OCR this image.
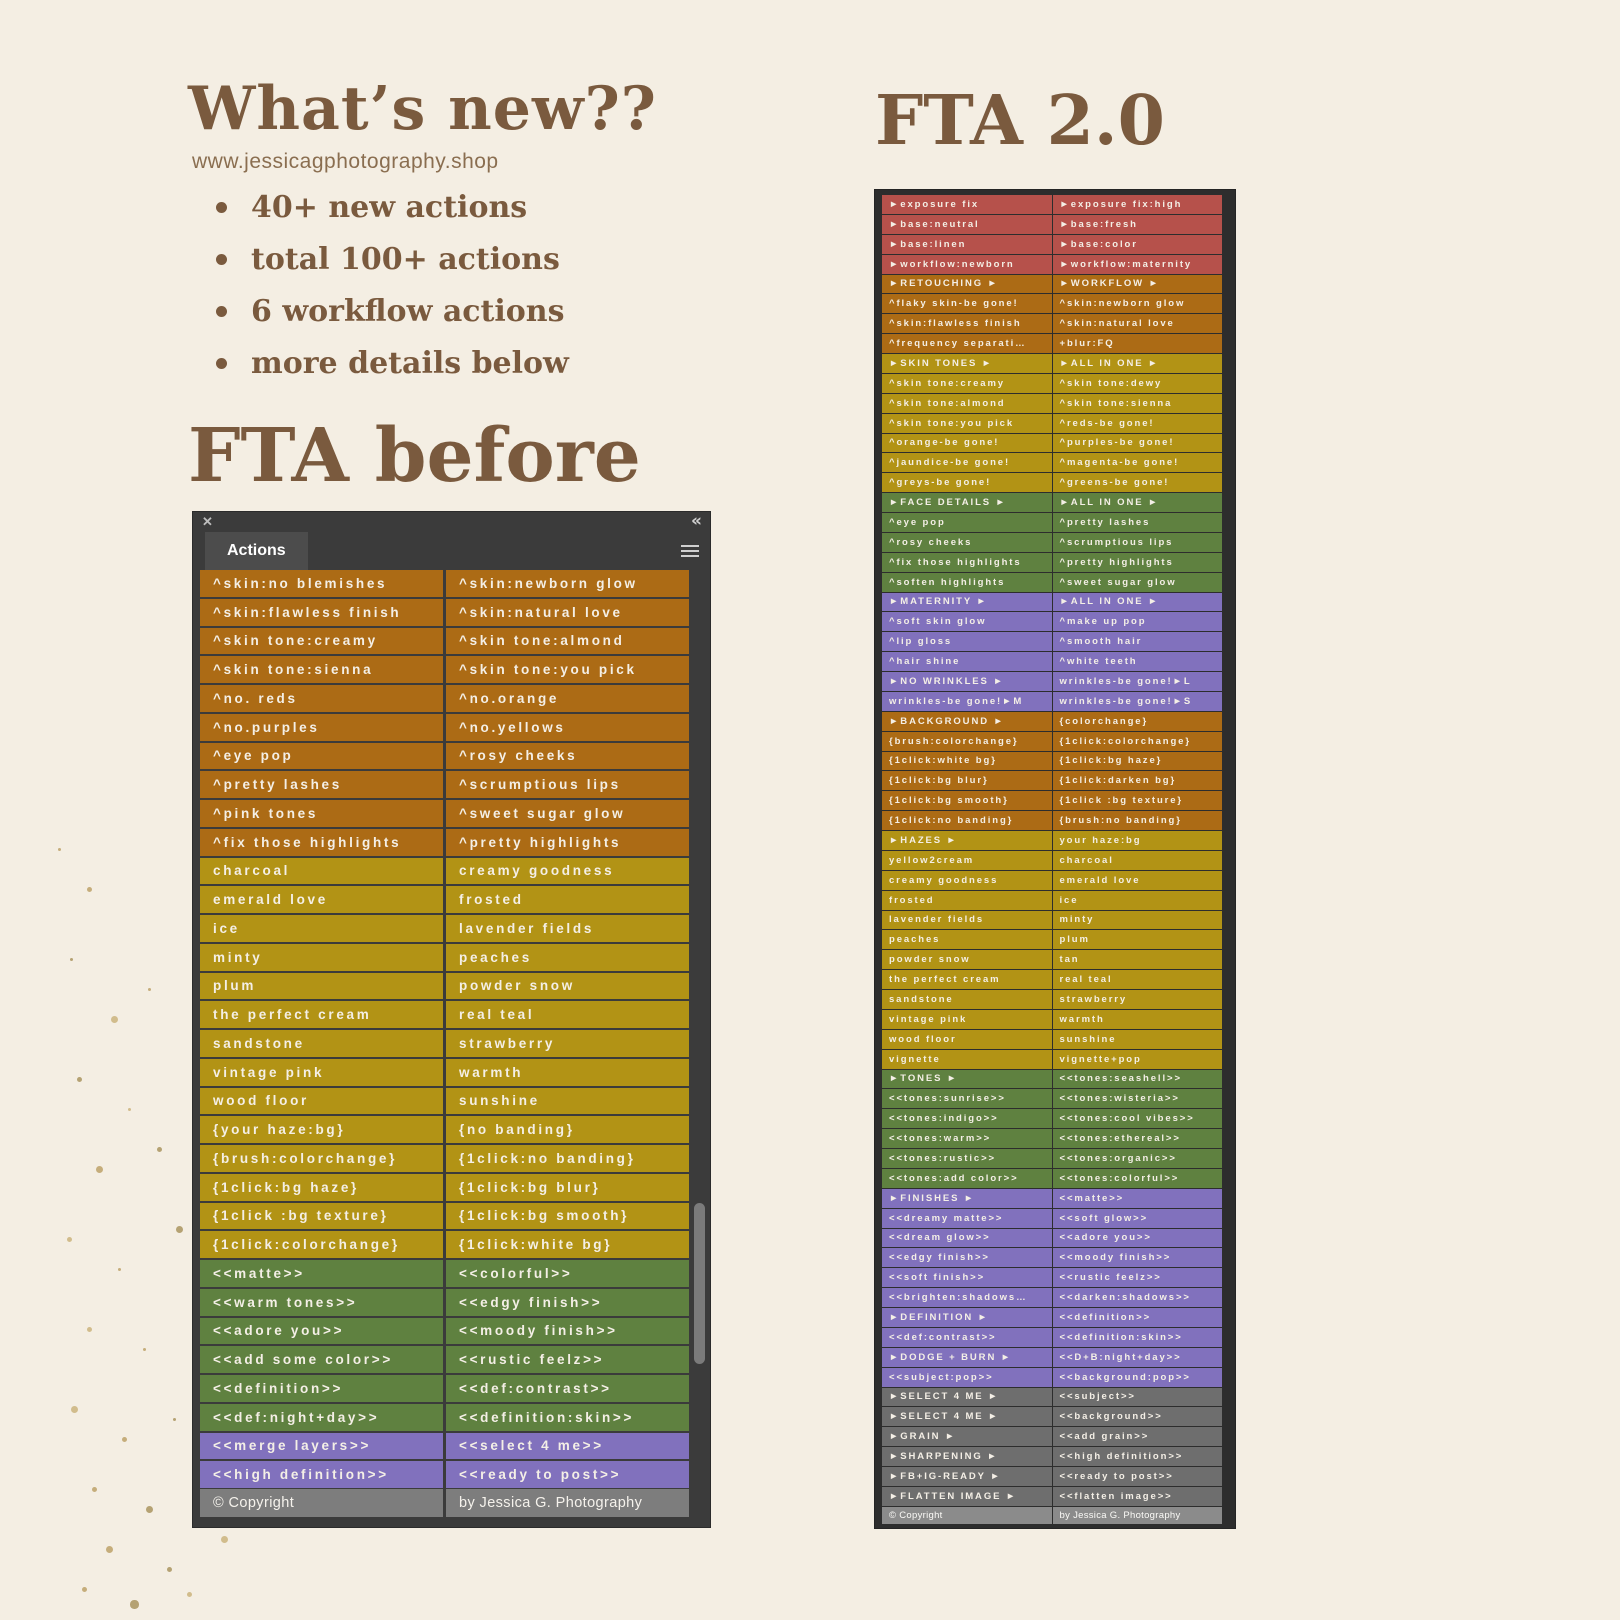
What’s new??
www.jessicagphotography.shop
40+ new actions
total 100+ actions
6 workflow actions
more details below
FTA before
FTA 2.0
✕	«
Actions
^skin:no blemishes	^skin:newborn glow
^skin:flawless finish	^skin:natural love
^skin tone:creamy	^skin tone:almond
^skin tone:sienna	^skin tone:you pick
^no. reds	^no.orange
^no.purples	^no.yellows
^eye pop	^rosy cheeks
^pretty lashes	^scrumptious lips
^pink tones	^sweet sugar glow
^fix those highlights	^pretty highlights
charcoal	creamy goodness
emerald love	frosted
ice	lavender fields
minty	peaches
plum	powder snow
the perfect cream	real teal
sandstone	strawberry
vintage pink	warmth
wood floor	sunshine
{your haze:bg}	{no banding}
{brush:colorchange}	{1click:no banding}
{1click:bg haze}	{1click:bg blur}
{1click :bg texture}	{1click:bg smooth}
{1click:colorchange}	{1click:white bg}
<<matte>>	<<colorful>>
<<warm tones>>	<<edgy finish>>
<<adore you>>	<<moody finish>>
<<add some color>>	<<rustic feelz>>
<<definition>>	<<def:contrast>>
<<def:night+day>>	<<definition:skin>>
<<merge layers>>	<<select 4 me>>
<<high definition>>	<<ready to post>>
© Copyright	by Jessica G. Photography
►exposure fix	►exposure fix:high
►base:neutral	►base:fresh
►base:linen	►base:color
►workflow:newborn	►workflow:maternity
►RETOUCHING ►	►WORKFLOW ►
^flaky skin-be gone!	^skin:newborn glow
^skin:flawless finish	^skin:natural love
^frequency separati…	+blur:FQ
►SKIN TONES ►	►ALL IN ONE ►
^skin tone:creamy	^skin tone:dewy
^skin tone:almond	^skin tone:sienna
^skin tone:you pick	^reds-be gone!
^orange-be gone!	^purples-be gone!
^jaundice-be gone!	^magenta-be gone!
^greys-be gone!	^greens-be gone!
►FACE DETAILS ►	►ALL IN ONE ►
^eye pop	^pretty lashes
^rosy cheeks	^scrumptious lips
^fix those highlights	^pretty highlights
^soften highlights	^sweet sugar glow
►MATERNITY ►	►ALL IN ONE ►
^soft skin glow	^make up pop
^lip gloss	^smooth hair
^hair shine	^white teeth
►NO WRINKLES ►	wrinkles-be gone!►L
wrinkles-be gone!►M	wrinkles-be gone!►S
►BACKGROUND ►	{colorchange}
{brush:colorchange}	{1click:colorchange}
{1click:white bg}	{1click:bg haze}
{1click:bg blur}	{1click:darken bg}
{1click:bg smooth}	{1click :bg texture}
{1click:no banding}	{brush:no banding}
►HAZES ►	your haze:bg
yellow2cream	charcoal
creamy goodness	emerald love
frosted	ice
lavender fields	minty
peaches	plum
powder snow	tan
the perfect cream	real teal
sandstone	strawberry
vintage pink	warmth
wood floor	sunshine
vignette	vignette+pop
►TONES ►	<<tones:seashell>>
<<tones:sunrise>>	<<tones:wisteria>>
<<tones:indigo>>	<<tones:cool vibes>>
<<tones:warm>>	<<tones:ethereal>>
<<tones:rustic>>	<<tones:organic>>
<<tones:add color>>	<<tones:colorful>>
►FINISHES ►	<<matte>>
<<dreamy matte>>	<<soft glow>>
<<dream glow>>	<<adore you>>
<<edgy finish>>	<<moody finish>>
<<soft finish>>	<<rustic feelz>>
<<brighten:shadows…	<<darken:shadows>>
►DEFINITION ►	<<definition>>
<<def:contrast>>	<<definition:skin>>
►DODGE + BURN ►	<<D+B:night+day>>
<<subject:pop>>	<<background:pop>>
►SELECT 4 ME ►	<<subject>>
►SELECT 4 ME ►	<<background>>
►GRAIN ►	<<add grain>>
►SHARPENING ►	<<high definition>>
►FB+IG-READY ►	<<ready to post>>
►FLATTEN IMAGE ►	<<flatten image>>
© Copyright	by Jessica G. Photography
